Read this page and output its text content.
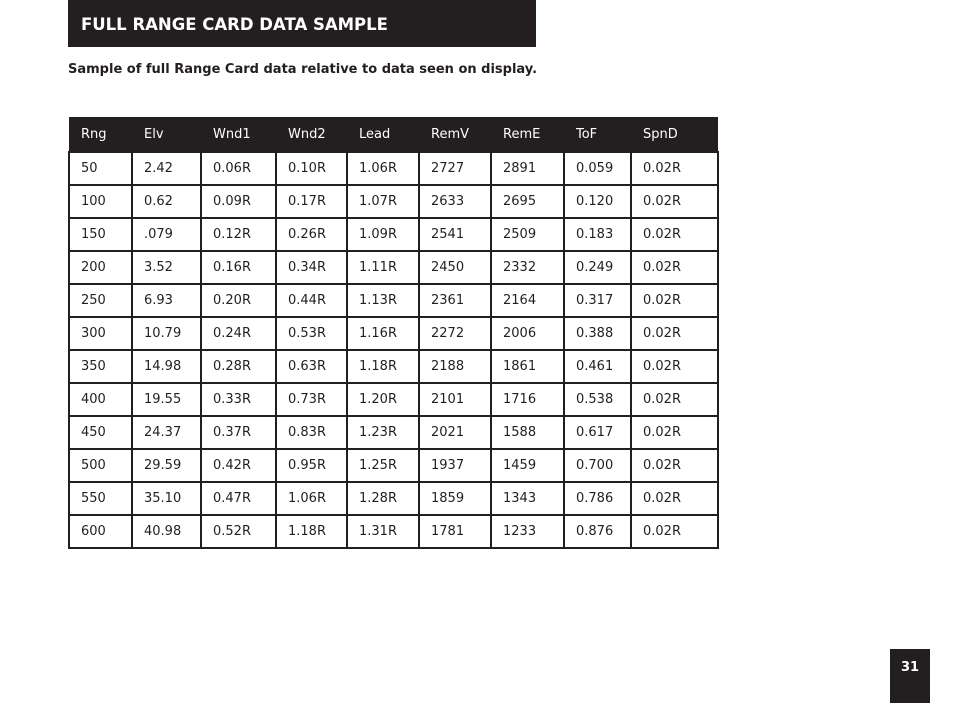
FULL RANGE CARD DATA SAMPLE
Sample of full Range Card data relative to data seen on display.
Rng	Elv	Wnd1	Wnd2	Lead	RemV	RemE	ToF	SpnD
50	2.42	0.06R	0.10R	1.06R	2727	2891	0.059	0.02R
100	0.62	0.09R	0.17R	1.07R	2633	2695	0.120	0.02R
150	.079	0.12R	0.26R	1.09R	2541	2509	0.183	0.02R
200	3.52	0.16R	0.34R	1.11R	2450	2332	0.249	0.02R
250	6.93	0.20R	0.44R	1.13R	2361	2164	0.317	0.02R
300	10.79	0.24R	0.53R	1.16R	2272	2006	0.388	0.02R
350	14.98	0.28R	0.63R	1.18R	2188	1861	0.461	0.02R
400	19.55	0.33R	0.73R	1.20R	2101	1716	0.538	0.02R
450	24.37	0.37R	0.83R	1.23R	2021	1588	0.617	0.02R
500	29.59	0.42R	0.95R	1.25R	1937	1459	0.700	0.02R
550	35.10	0.47R	1.06R	1.28R	1859	1343	0.786	0.02R
600	40.98	0.52R	1.18R	1.31R	1781	1233	0.876	0.02R
31
